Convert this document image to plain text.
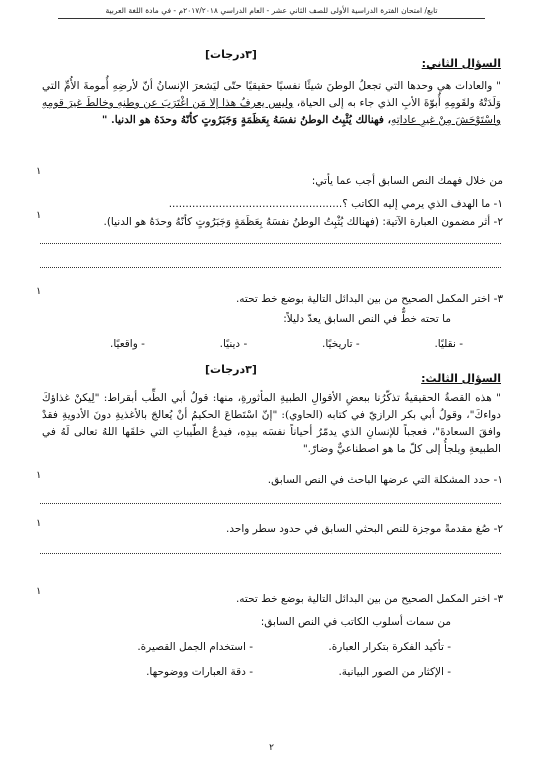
تابع/ امتحان الفترة الدراسية الأولى للصف الثاني عشر - العام الدراسي ٢٠١٧/٢٠١٨م - في مادة اللغة العربية
السؤال الثاني:
[٣درجات]
" والعادات هي وحدها التي تجعلُ الوطنَ شيئًا نفسيًا حقيقيًا حتّى ليَشعرَ الإنسانُ أنّ لأرضِهِ أُمومةَ الأُمِّ التي وَلَدَتْهُ ولقَومِهِ أُبوّةَ الأبِ الذي جاء به إلى الحياة، وليس يعرفُ هذا إلا مَن اغْتَرَبَ عن وطنِهِ وخالطَ غيرَ قومِهِ واسْتَوْحَشَ مِنْ غيرِ عاداتِهِ، فهنالك يُثْبِتُ الوطنُ نفسَهُ بِعَظَمَةٍ وَجَبَرُوتٍ كأنّهُ وحدَهُ هو الدنيا. "
من خلال فهمك النص السابق أجب عما يأتي:
١- ما الهدف الذي يرمي إليه الكاتب ؟....................................................
١
٢- أثر مضمون العبارة الآتية: (فهنالك يُثْبِتُ الوطنُ نفسَهُ بِعَظَمَةٍ وَجَبَرُوتٍ كأنّهُ وحدَهُ هو الدنيا).
١
٣- اختر المكمل الصحيح من بين البدائل التالية بوضع خط تحته.
١
ما تحته خطٌّ في النص السابق يعدّ دليلاً:
- نقليًا.
- تاريخيًا.
- دينيًا.
- واقعيًا.
السؤال الثالث:
[٣درجات]
" هذه القصةُ الحقيقيةُ تذكّرُنا ببعضِ الأقوالِ الطبيةِ المأثورةِ، منها: قولُ أبي الطِّب أبقراط: "لِيكنْ غذاؤكَ دواءكَ"، وقولُ أبي بكر الرازيّ في كتابه (الحاوي): "إنّ اسْتَطاعَ الحكيمُ أنْ يُعالجَ بالأغذيةِ دونَ الأدويةِ فقدْ وافقَ السعادةَ"، فعجباً للإنسانِ الذي يدمّرُ أحياناً نفسَه بيدِه، فيدعُ الطّيباتِ التي خلقَها اللهُ تعالى لَهُ في الطبيعةِ ويلجأُ إلى كلّ ما هو اصطناعيٌّ وضارّ."
١- حدد المشكلة التي عرضها الباحث في النص السابق.
١
٢- صُغ مقدمةً موجزة للنص البحثي السابق في حدود سطر واحد.
١
٣- اختر المكمل الصحيح من بين البدائل التالية بوضع خط تحته.
١
من سمات أسلوب الكاتب في النص السابق:
- تأكيد الفكرة بتكرار العبارة.
- استخدام الجمل القصيرة.
- الإكثار من الصور البيانية.
- دقة العبارات ووضوحها.
٢
